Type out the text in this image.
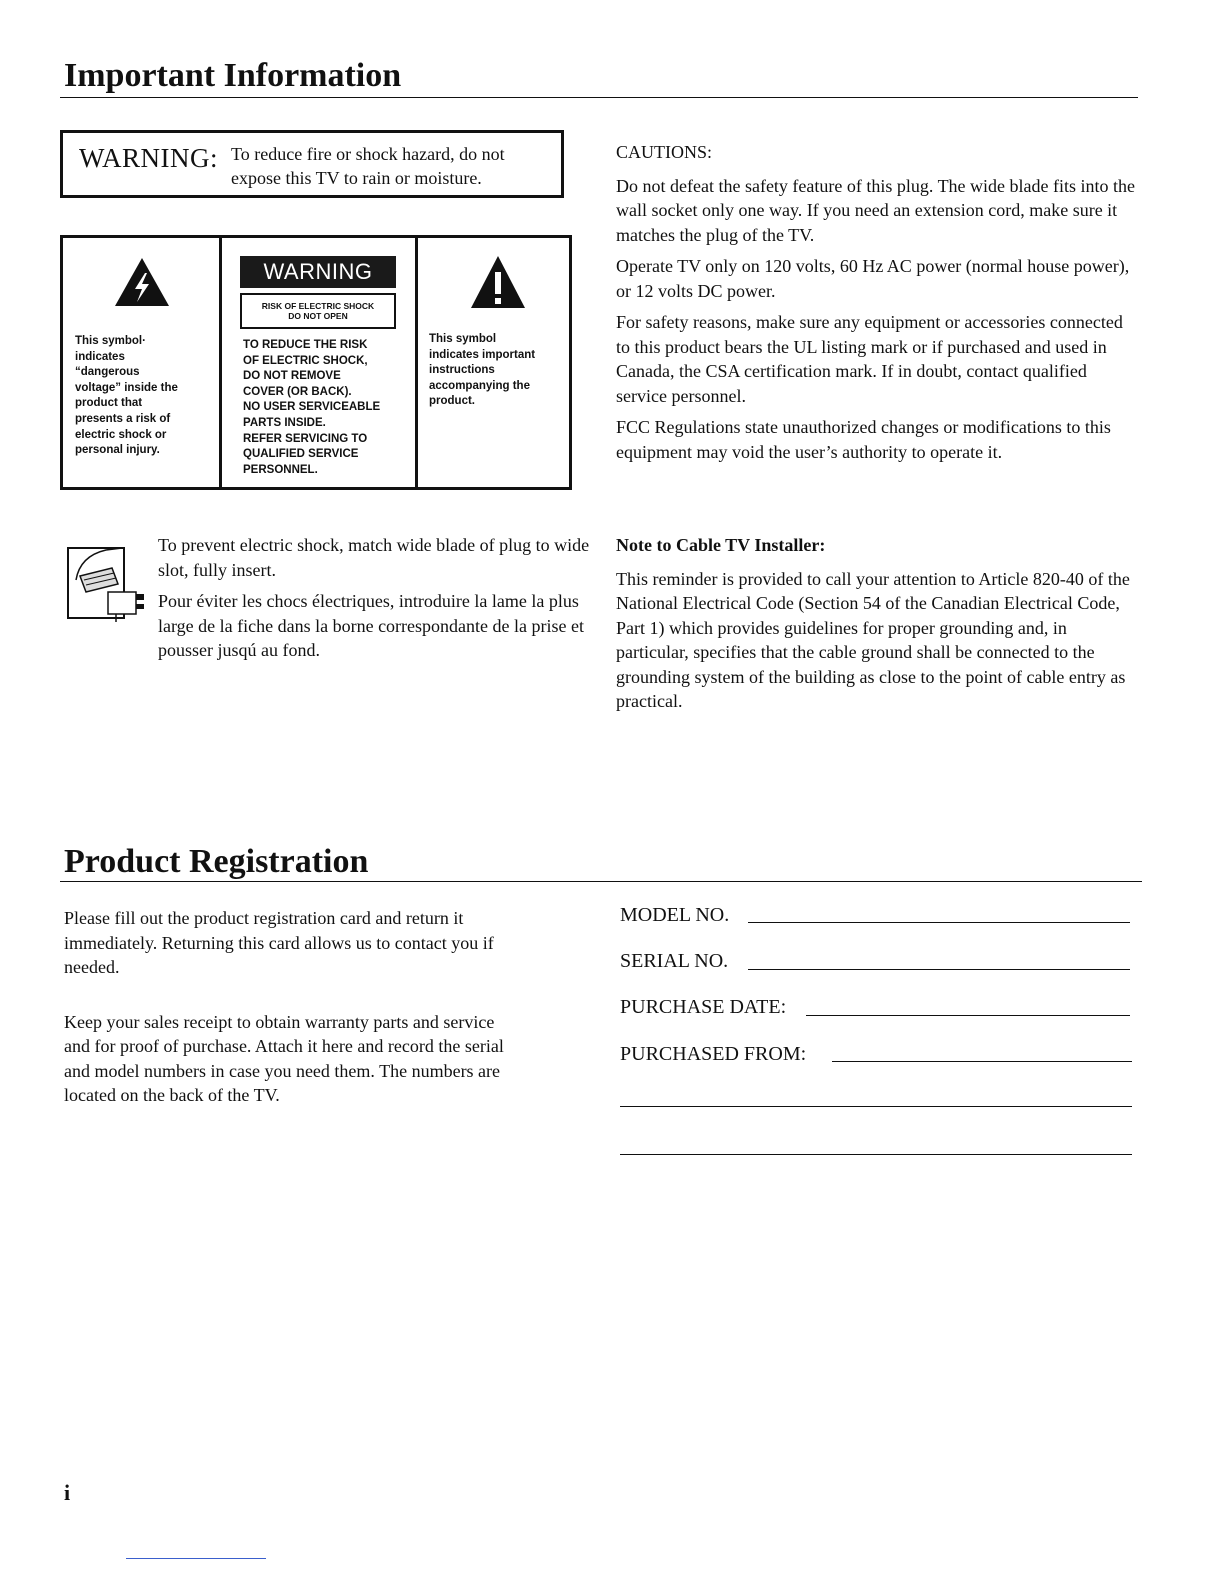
Important Information
WARNING: To reduce fire or shock hazard, do not expose this TV to rain or moisture.

This symbol·

indicates

“dangerous

voltage” inside the

product that

presents a risk of

electric shock or

personal injury.

WARNING
RISK OF ELECTRIC SHOCK
DO NOT OPEN

TO REDUCE THE RISK

OF ELECTRIC SHOCK,

DO NOT REMOVE

COVER (OR BACK).

NO USER SERVICEABLE

PARTS INSIDE.

REFER SERVICING TO

QUALIFIED SERVICE

PERSONNEL.

This symbol

indicates important

instructions

accompanying the

product.

To prevent electric shock, match wide blade of plug to wide slot, fully insert.

Pour éviter les chocs électriques, introduire la lame la plus large de la fiche dans la borne correspondante de la prise et pousser jusqú au fond.

CAUTIONS:

Do not defeat the safety feature of this plug. The wide blade fits into the wall socket only one way. If you need an extension cord, make sure it matches the plug of the TV.

Operate TV only on 120 volts, 60 Hz AC power (normal house power), or 12 volts DC power.

For safety reasons, make sure any equipment or accessories connected to this product bears the UL listing mark or if purchased and used in Canada, the CSA certification mark. If in doubt, contact qualified service personnel.

FCC Regulations state unauthorized changes or modifications to this equipment may void the user’s authority to operate it.

Note to Cable TV Installer:

This reminder is provided to call your attention to Article 820-40 of the National Electrical Code (Section 54 of the Canadian Electrical Code, Part 1) which provides guidelines for proper grounding and, in particular, specifies that the cable ground shall be connected to the grounding system of the building as close to the point of cable entry as practical.

Product Registration

Please fill out the product registration card and return it immediately. Returning this card allows us to contact you if needed.

Keep your sales receipt to obtain warranty parts and service and for proof of purchase. Attach it here and record the serial and model numbers in case you need them. The numbers are located on the back of the TV.

MODEL NO.
SERIAL NO.
PURCHASE DATE:
PURCHASED FROM:
i
